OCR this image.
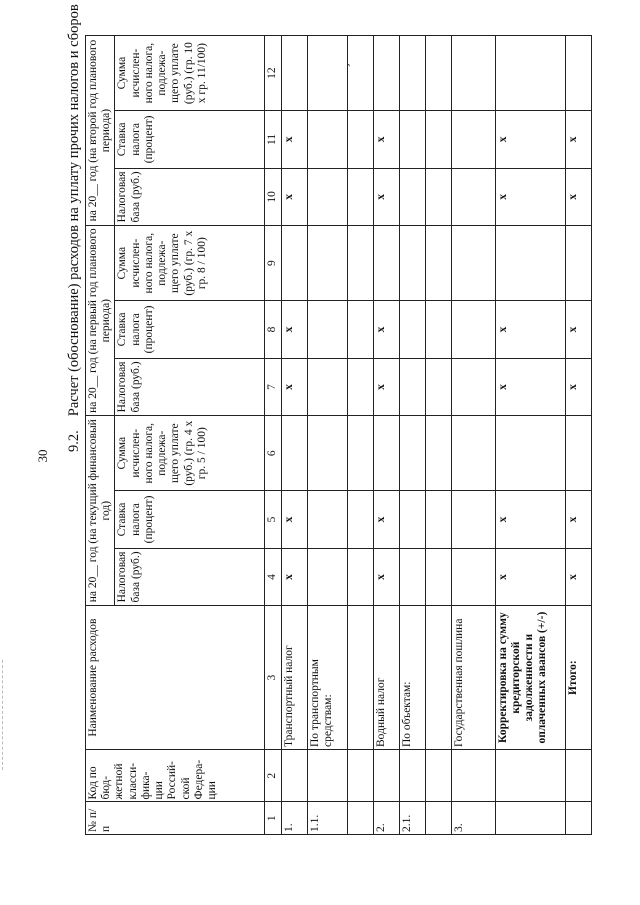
30
9.2.Расчет (обоснование) расходов на уплату прочих налогов и сборов	'
№ п/п	Код по бюд- жетной класси- фика- ции Россий- ской Федера- ции	Наименование расходов	на 20__ год (на текущий финансовый год)			на 20__ год (на первый год планового периода)			на 20__ год (на второй год планового периода)		
			Налоговая база (руб.)	Ставка налога (процент)	Сумма исчислен- ного налога, подлежа- щего уплате (руб.) (гр. 4 х гр. 5 / 100)	Налоговая база (руб.)	Ставка налога (процент)	Сумма исчислен- ного налога, подлежа- щего уплате (руб.) (гр. 7 х гр. 8 / 100)	Налоговая база (руб.)	Ставка налога (процент)	Сумма исчислен- ного налога, подлежа- щего уплате (руб.) (гр. 10 х гр. 11/100)
1	2	3	4	5	6	7	8	9	10	11	12
1.		Транспортный налог	x	x		x	x		x	x	
1.1.		По транспортным средствам:									

2.		Водный налог	x	x		x	x		x	x	
2.1.		По объектам:									

3.		Государственная пошлина									
		Корректировка на сумму кредиторской задолженности и оплаченных авансов (+/-)	x	x		x	x		x	x	
		Итого:	x	x		x	x		x	x	
